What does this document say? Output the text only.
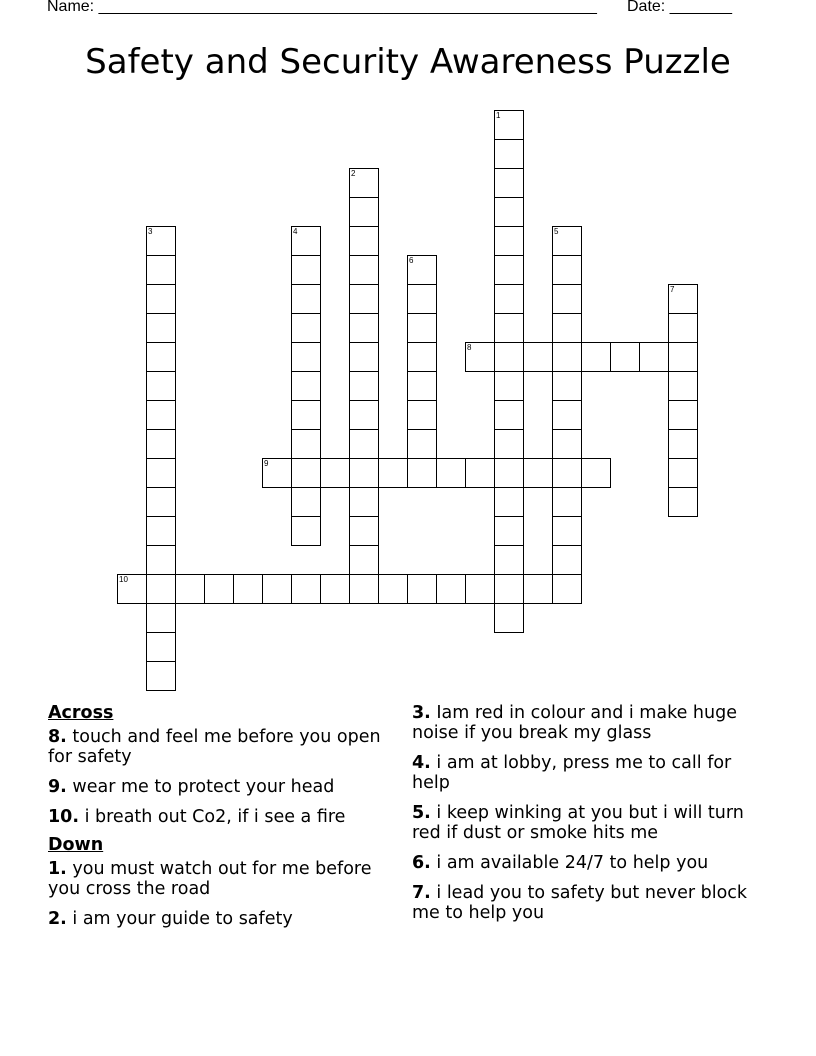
Name: ________________________________________________________ Date: _______
Safety and Security Awareness Puzzle
1
2
3	4	5
6
7
8
9
10
Across
8. touch and feel me before you open for safety
9. wear me to protect your head
10. i breath out Co2, if i see a fire
Down
1. you must watch out for me before you cross the road
2. i am your guide to safety
3. Iam red in colour and i make huge noise if you break my glass
4. i am at lobby, press me to call for help
5. i keep winking at you but i will turn red if dust or smoke hits me
6. i am available 24/7 to help you
7. i lead you to safety but never block me to help you
